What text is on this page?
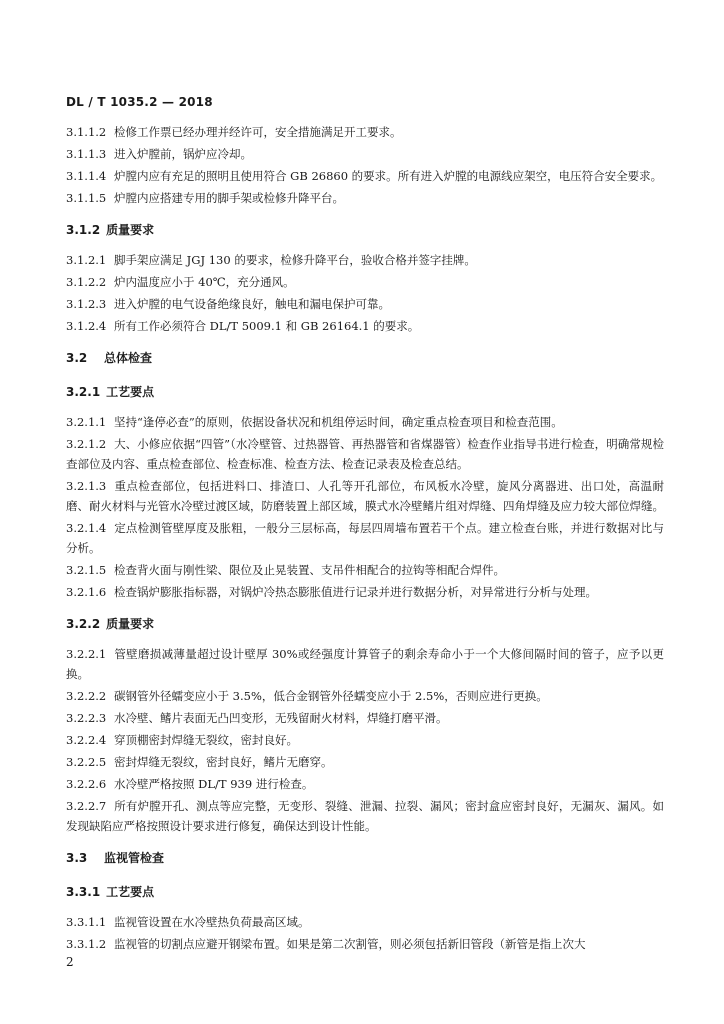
DL / T 1035.2 — 2018

3.1.1.2 检修工作票已经办理并经许可，安全措施满足开工要求。

3.1.1.3 进入炉膛前，锅炉应冷却。

3.1.1.4 炉膛内应有充足的照明且使用符合 GB 26860 的要求。所有进入炉膛的电源线应架空，电压符合安全要求。

3.1.1.5 炉膛内应搭建专用的脚手架或检修升降平台。

3.1.2 质量要求

3.1.2.1 脚手架应满足 JGJ 130 的要求，检修升降平台，验收合格并签字挂牌。

3.1.2.2 炉内温度应小于 40℃，充分通风。

3.1.2.3 进入炉膛的电气设备绝缘良好，触电和漏电保护可靠。

3.1.2.4 所有工作必须符合 DL/T 5009.1 和 GB 26164.1 的要求。

3.2 总体检查
3.2.1 工艺要点

3.2.1.1 坚持“逢停必查”的原则，依据设备状况和机组停运时间，确定重点检查项目和检查范围。

3.2.1.2 大、小修应依据“四管”（水冷壁管、过热器管、再热器管和省煤器管）检查作业指导书进行检查，明确常规检查部位及内容、重点检查部位、检查标准、检查方法、检查记录表及检查总结。

3.2.1.3 重点检查部位，包括进料口、排渣口、人孔等开孔部位，布风板水冷壁，旋风分离器进、出口处，高温耐磨、耐火材料与光管水冷壁过渡区域，防磨装置上部区域，膜式水冷壁鳍片组对焊缝、四角焊缝及应力较大部位焊缝。

3.2.1.4 定点检测管壁厚度及胀粗，一般分三层标高，每层四周墙布置若干个点。建立检查台账，并进行数据对比与分析。

3.2.1.5 检查背火面与刚性梁、限位及止晃装置、支吊件相配合的拉钩等相配合焊件。

3.2.1.6 检查锅炉膨胀指标器，对锅炉冷热态膨胀值进行记录并进行数据分析，对异常进行分析与处理。

3.2.2 质量要求

3.2.2.1 管壁磨损减薄量超过设计壁厚 30%或经强度计算管子的剩余寿命小于一个大修间隔时间的管子，应予以更换。

3.2.2.2 碳钢管外径蠕变应小于 3.5%，低合金钢管外径蠕变应小于 2.5%，否则应进行更换。

3.2.2.3 水冷壁、鳍片表面无凸凹变形，无残留耐火材料，焊缝打磨平滑。

3.2.2.4 穿顶棚密封焊缝无裂纹，密封良好。

3.2.2.5 密封焊缝无裂纹，密封良好，鳍片无磨穿。

3.2.2.6 水冷壁严格按照 DL/T 939 进行检查。

3.2.2.7 所有炉膛开孔、测点等应完整，无变形、裂缝、泄漏、拉裂、漏风；密封盒应密封良好，无漏灰、漏风。如发现缺陷应严格按照设计要求进行修复，确保达到设计性能。

3.3 监视管检查
3.3.1 工艺要点

3.3.1.1 监视管设置在水冷壁热负荷最高区域。

3.3.1.2 监视管的切割点应避开钢梁布置。如果是第二次割管，则必须包括新旧管段（新管是指上次大

2
